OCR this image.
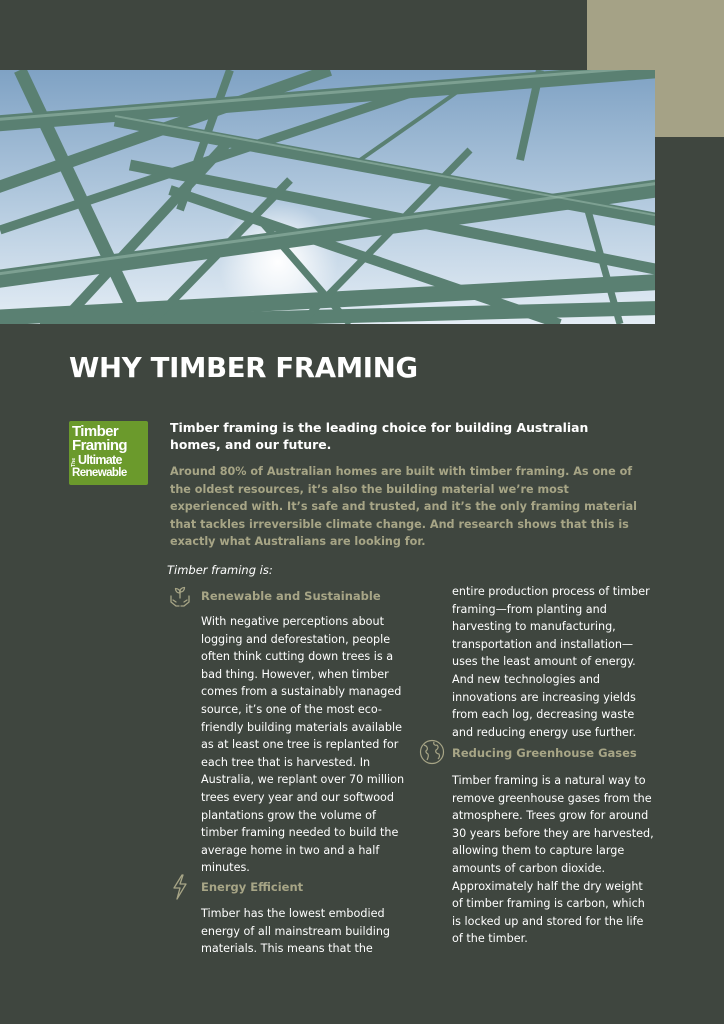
WHY TIMBER FRAMING
Timber
Framing
The Ultimate
Renewable

Timber framing is the leading choice for building Australian homes, and our future.

Around 80% of Australian homes are built with timber framing. As one of the oldest resources, it’s also the building material we’re most experienced with. It’s safe and trusted, and it’s the only framing material that tackles irreversible climate change. And research shows that this is exactly what Australians are looking for.

Timber framing is:

Renewable and Sustainable

With negative perceptions about logging and deforestation, people often think cutting down trees is a bad thing. However, when timber comes from a sustainably managed source, it’s one of the most eco-friendly building materials available as at least one tree is replanted for each tree that is harvested. In Australia, we replant over 70 million trees every year and our softwood plantations grow the volume of timber framing needed to build the average home in two and a half minutes.

Energy Efficient

Timber has the lowest embodied energy of all mainstream building materials. This means that the

entire production process of timber framing—from planting and harvesting to manufacturing, transportation and installation—uses the least amount of energy. And new technologies and innovations are increasing yields from each log, decreasing waste and reducing energy use further.

Reducing Greenhouse Gases

Timber framing is a natural way to remove greenhouse gases from the atmosphere. Trees grow for around 30 years before they are harvested, allowing them to capture large amounts of carbon dioxide. Approximately half the dry weight of timber framing is carbon, which is locked up and stored for the life of the timber.
